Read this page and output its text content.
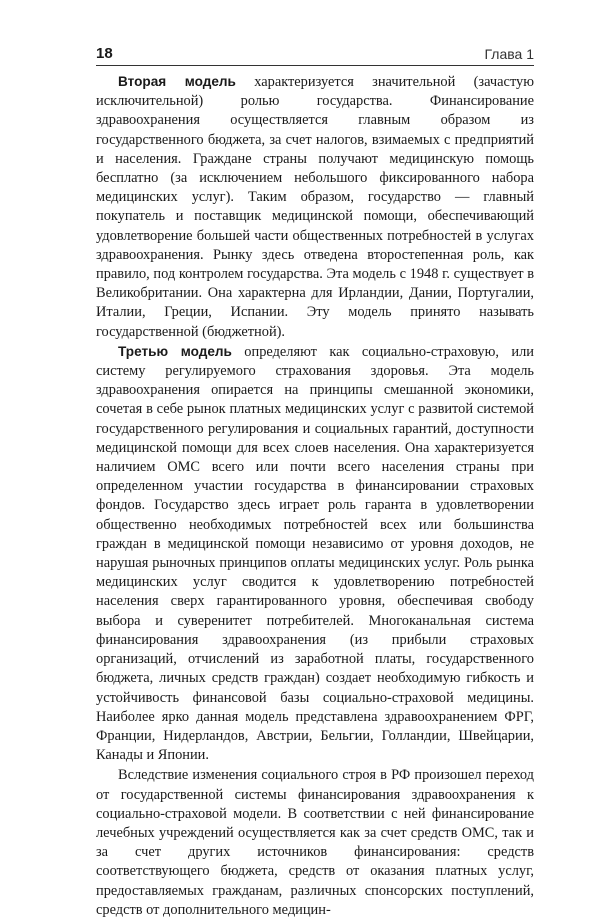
18	Глава 1

Вторая модель характеризуется значительной (зачастую исключительной) ролью государства. Финансирование здравоохранения осуществляется главным образом из государственного бюджета, за счет налогов, взимаемых с предприятий и населения. Граждане страны получают медицинскую помощь бесплатно (за исключением небольшого фиксированного набора медицинских услуг). Таким образом, государство — главный покупатель и поставщик медицинской помощи, обеспечивающий удовлетворение большей части общественных потребностей в услугах здравоохранения. Рынку здесь отведена второстепенная роль, как правило, под контролем государства. Эта модель с 1948 г. существует в Великобритании. Она характерна для Ирландии, Дании, Португалии, Италии, Греции, Испании. Эту модель принято называть государственной (бюджетной).

Третью модель определяют как социально-страховую, или систему регулируемого страхования здоровья. Эта модель здравоохранения опирается на принципы смешанной экономики, сочетая в себе рынок платных медицинских услуг с развитой системой государственного регулирования и социальных гарантий, доступности медицинской помощи для всех слоев населения. Она характеризуется наличием ОМС всего или почти всего населения страны при определенном участии государства в финансировании страховых фондов. Государство здесь играет роль гаранта в удовлетворении общественно необходимых потребностей всех или большинства граждан в медицинской помощи независимо от уровня доходов, не нарушая рыночных принципов оплаты медицинских услуг. Роль рынка медицинских услуг сводится к удовлетворению потребностей населения сверх гарантированного уровня, обеспечивая свободу выбора и суверенитет потребителей. Многоканальная система финансирования здравоохранения (из прибыли страховых организаций, отчислений из заработной платы, государственного бюджета, личных средств граждан) создает необходимую гибкость и устойчивость финансовой базы социально-страховой медицины. Наиболее ярко данная модель представлена здравоохранением ФРГ, Франции, Нидерландов, Австрии, Бельгии, Голландии, Швейцарии, Канады и Японии.

Вследствие изменения социального строя в РФ произошел переход от государственной системы финансирования здравоохранения к социально-страховой модели. В соответствии с ней финансирование лечебных учреждений осуществляется как за счет средств ОМС, так и за счет других источников финансирования: средств соответствующего бюджета, средств от оказания платных услуг, предоставляемых гражданам, различных спонсорских поступлений, средств от дополнительного медицин-
